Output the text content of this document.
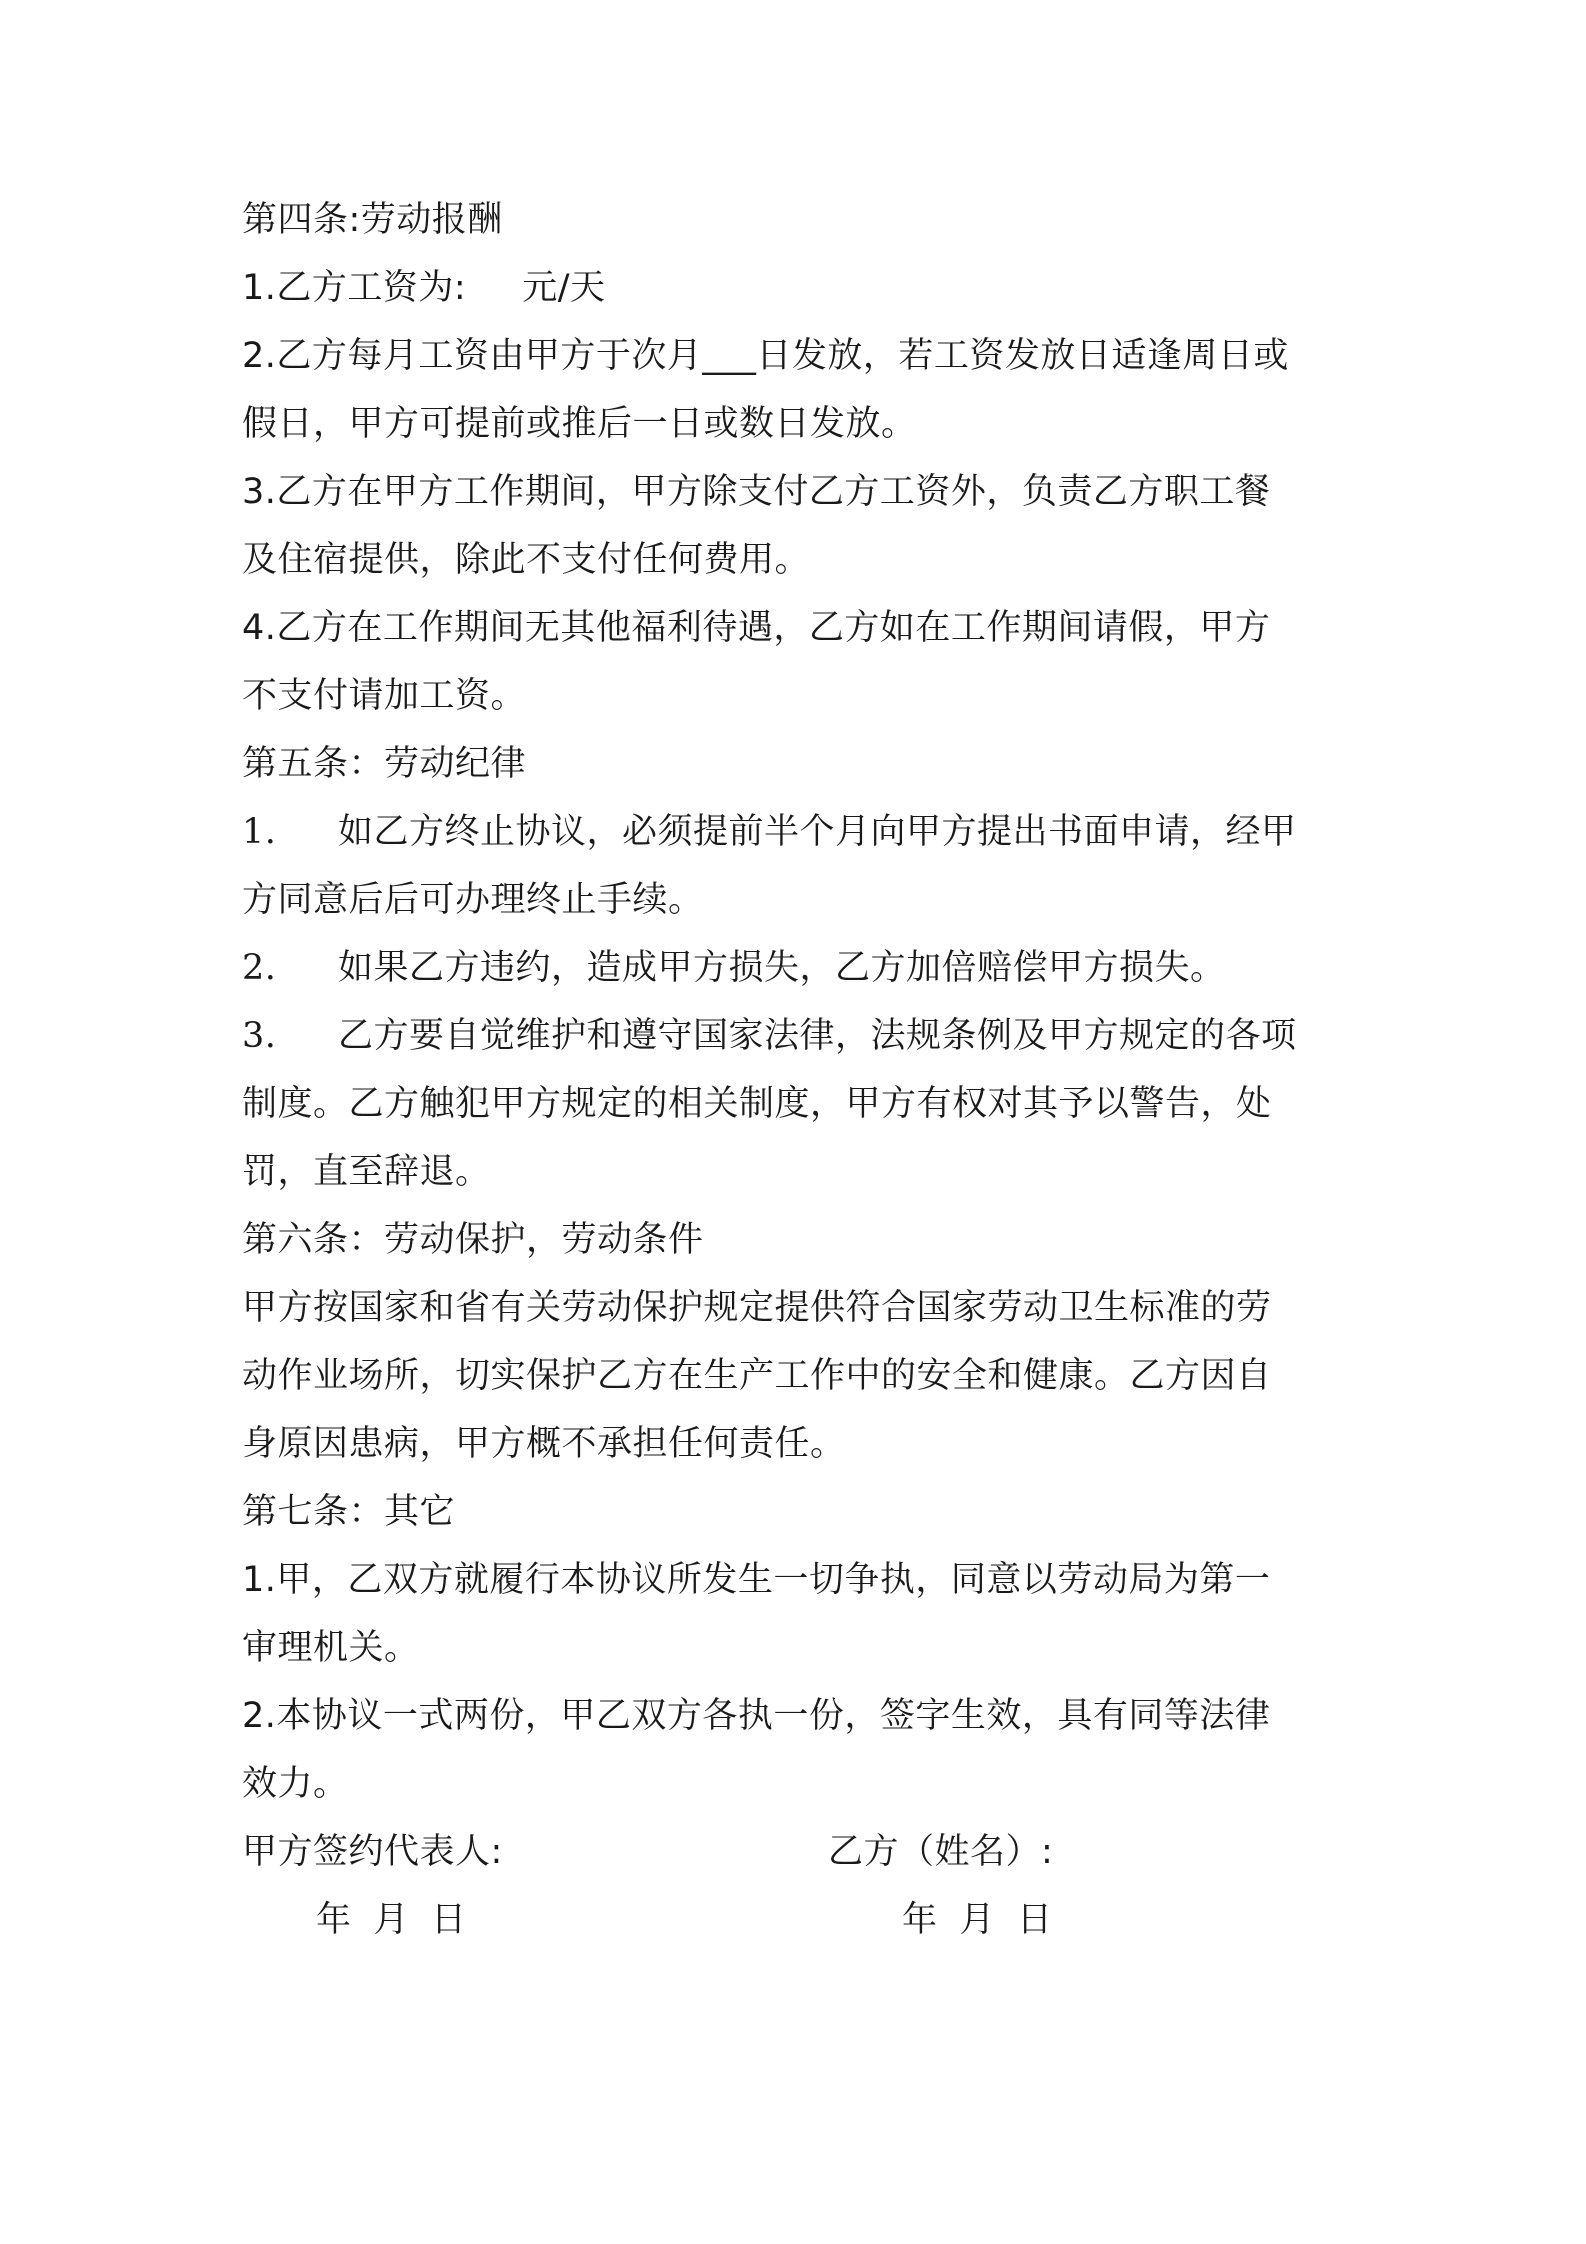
第四条:劳动报酬
1.乙方工资为: 元/天
2.乙方每月工资由甲方于次月___日发放，若工资发放日适逢周日或
假日，甲方可提前或推后一日或数日发放。
3.乙方在甲方工作期间，甲方除支付乙方工资外，负责乙方职工餐
及住宿提供，除此不支付任何费用。
4.乙方在工作期间无其他福利待遇，乙方如在工作期间请假，甲方
不支付请加工资。
第五条：劳动纪律
1. 如乙方终止协议，必须提前半个月向甲方提出书面申请，经甲
方同意后后可办理终止手续。
2. 如果乙方违约，造成甲方损失，乙方加倍赔偿甲方损失。
3. 乙方要自觉维护和遵守国家法律，法规条例及甲方规定的各项
制度。乙方触犯甲方规定的相关制度，甲方有权对其予以警告，处
罚，直至辞退。
第六条：劳动保护，劳动条件
甲方按国家和省有关劳动保护规定提供符合国家劳动卫生标准的劳
动作业场所，切实保护乙方在生产工作中的安全和健康。乙方因自
身原因患病，甲方概不承担任何责任。
第七条：其它
1.甲，乙双方就履行本协议所发生一切争执，同意以劳动局为第一
审理机关。
2.本协议一式两份，甲乙双方各执一份，签字生效，具有同等法律
效力。
甲方签约代表人:	乙方（姓名）:
年 月 日	年 月 日
